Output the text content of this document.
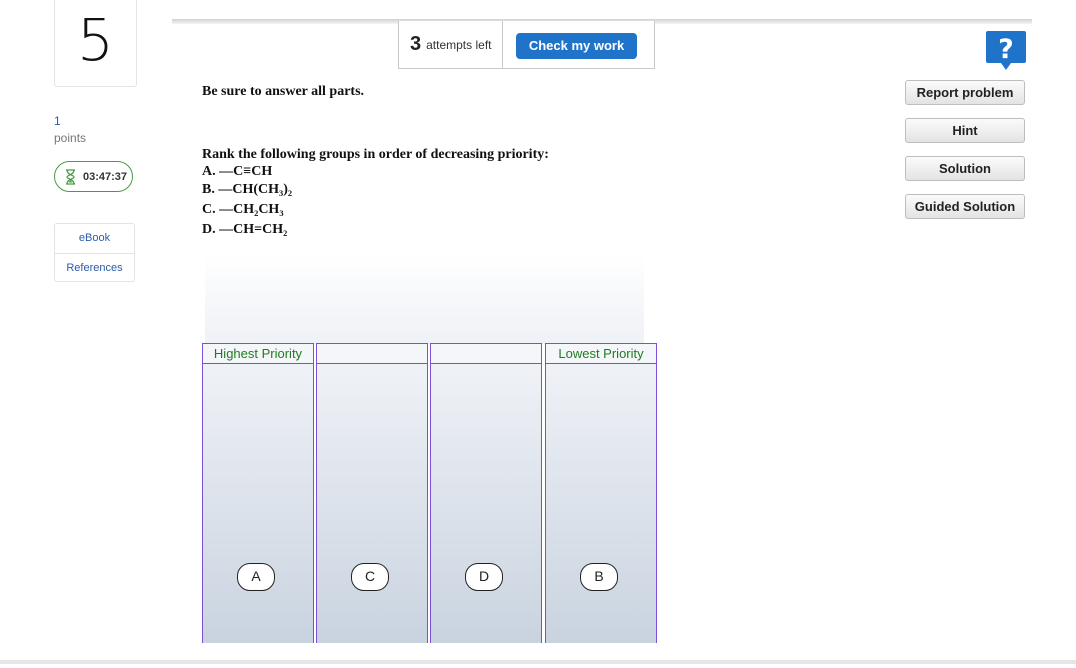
5
1
points
03:47:37
eBook
References
3 attempts left	Check my work	?
Report problem
Hint
Solution
Guided Solution
Be sure to answer all parts.
Rank the following groups in order of decreasing priority:
A. —C≡CH
B. —CH(CH₃)₂
C. —CH₂CH₃
D. —CH=CH₂
Highest Priority
A	C	D
Lowest Priority
B
